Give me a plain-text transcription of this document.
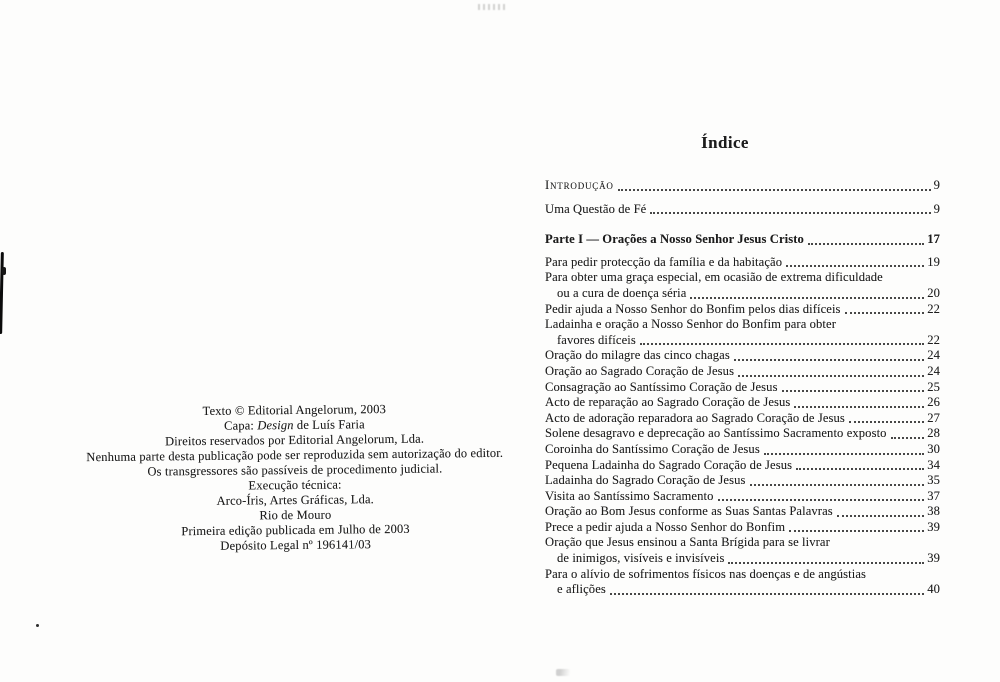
Texto © Editorial Angelorum, 2003

Capa: Design de Luís Faria

Direitos reservados por Editorial Angelorum, Lda.

Nenhuma parte desta publicação pode ser reproduzida sem autorização do editor.

Os transgressores são passíveis de procedimento judicial.

Execução técnica:

Arco-Íris, Artes Gráficas, Lda.

Rio de Mouro

Primeira edição publicada em Julho de 2003

Depósito Legal nº 196141/03

Índice
Introdução	9
Uma Questão de Fé	9
Parte I — Orações a Nosso Senhor Jesus Cristo	17
Para pedir protecção da família e da habitação	19
Para obter uma graça especial, em ocasião de extrema dificuldade
ou a cura de doença séria	20
Pedir ajuda a Nosso Senhor do Bonfim pelos dias difíceis	22
Ladainha e oração a Nosso Senhor do Bonfim para obter
favores difíceis	22
Oração do milagre das cinco chagas	24
Oração ao Sagrado Coração de Jesus	24
Consagração ao Santíssimo Coração de Jesus	25
Acto de reparação ao Sagrado Coração de Jesus	26
Acto de adoração reparadora ao Sagrado Coração de Jesus	27
Solene desagravo e deprecação ao Santíssimo Sacramento exposto	28
Coroinha do Santíssimo Coração de Jesus	30
Pequena Ladainha do Sagrado Coração de Jesus	34
Ladainha do Sagrado Coração de Jesus	35
Visita ao Santíssimo Sacramento	37
Oração ao Bom Jesus conforme as Suas Santas Palavras	38
Prece a pedir ajuda a Nosso Senhor do Bonfim	39
Oração que Jesus ensinou a Santa Brígida para se livrar
de inimigos, visíveis e invisíveis	39
Para o alívio de sofrimentos físicos nas doenças e de angústias
e aflições	40
